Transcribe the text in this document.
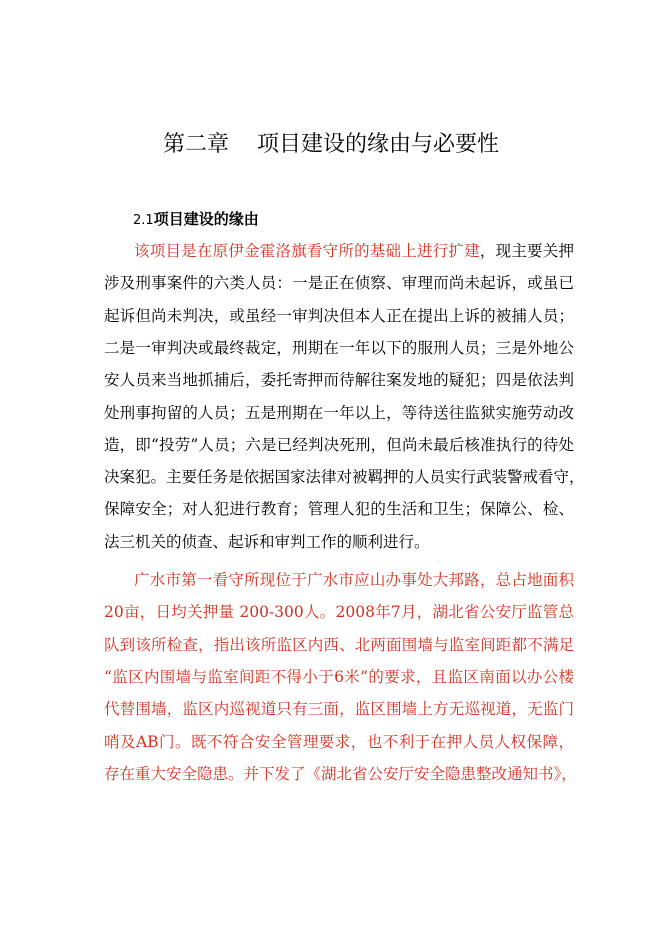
第二章    项目建设的缘由与必要性
2.1项目建设的缘由
该项目是在原伊金霍洛旗看守所的基础上进行扩建，现主要关押
涉及刑事案件的六类人员：一是正在侦察、审理而尚未起诉，或虽已
起诉但尚未判决，或虽经一审判决但本人正在提出上诉的被捕人员；
二是一审判决或最终裁定，刑期在一年以下的服刑人员；三是外地公
安人员来当地抓捕后，委托寄押而待解往案发地的疑犯；四是依法判
处刑事拘留的人员；五是刑期在一年以上，等待送往监狱实施劳动改
造，即“投劳”人员；六是已经判决死刑，但尚未最后核准执行的待处
决案犯。主要任务是依据国家法律对被羁押的人员实行武装警戒看守，
保障安全；对人犯进行教育；管理人犯的生活和卫生；保障公、检、
法三机关的侦查、起诉和审判工作的顺利进行。
广水市第一看守所现位于广水市应山办事处大邦路，总占地面积
20亩，日均关押量 200-300人。2008年7月，湖北省公安厅监管总
队到该所检查，指出该所监区内西、北两面围墙与监室间距都不满足
“监区内围墙与监室间距不得小于6米”的要求，且监区南面以办公楼
代替围墙，监区内巡视道只有三面，监区围墙上方无巡视道，无监门
哨及AB门。既不符合安全管理要求，也不利于在押人员人权保障，
存在重大安全隐患。并下发了《湖北省公安厅安全隐患整改通知书》，
